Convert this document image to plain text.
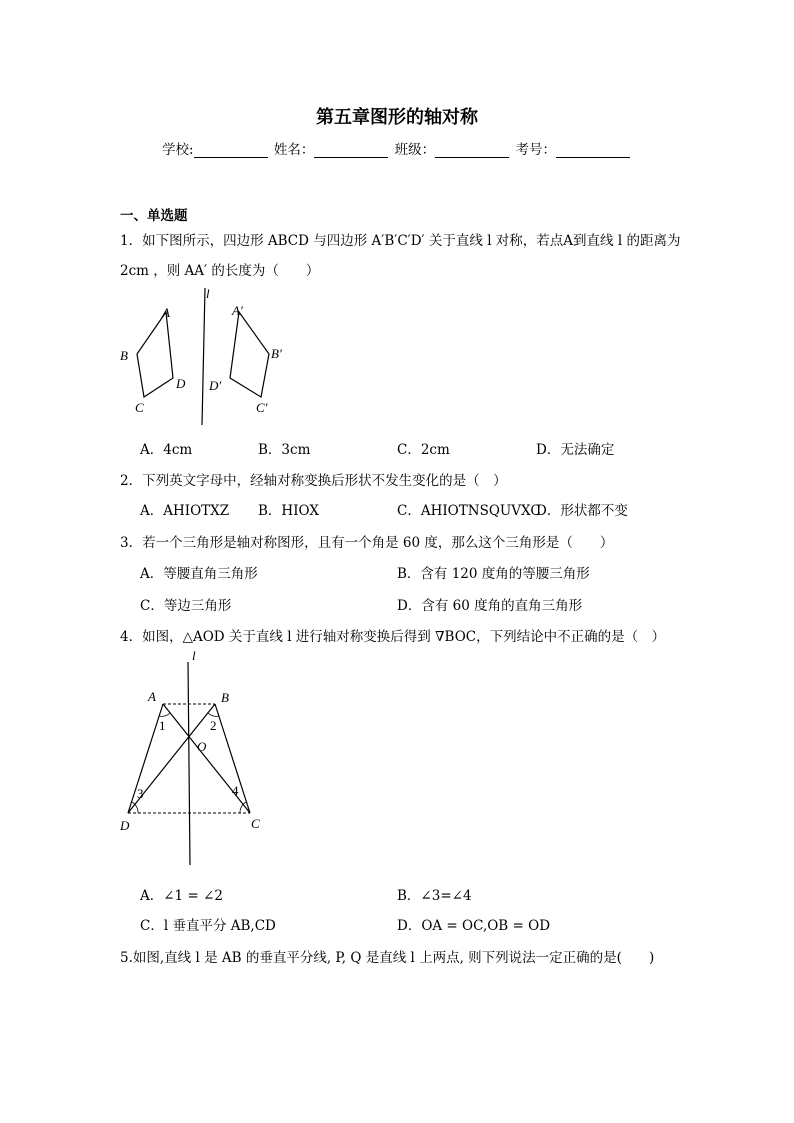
第五章图形的轴对称
学校:	姓名：	班级：	考号：
一、单选题
1．如下图所示，四边形 ABCD 与四边形 A′B′C′D′ 关于直线 l 对称，若点A到直线 l 的距离为
2cm ，则 AA′ 的长度为（　　）
l
A
B
C
D
A′
B′
C′
D′
A．4cm	B．3cm	C．2cm	D．无法确定
2．下列英文字母中，经轴对称变换后形状不发生变化的是（　）
A．AHIOTXZ B．HIOX	C．AHIOTNSQUVXC
D．形状都不变
3．若一个三角形是轴对称图形，且有一个角是 60 度，那么这个三角形是（　　）
A．等腰直角三角形	B．含有 120 度角的等腰三角形
C．等边三角形	D．含有 60 度角的直角三角形
4．如图，△AOD 关于直线 l 进行轴对称变换后得到 ∇BOC，下列结论中不正确的是（　）
l
A	B
C
D
O
1	2
3	4
A．∠1 = ∠2	B．∠3=∠4
C．l 垂直平分 AB,CD	D．OA = OC,OB = OD
5.如图,直线 l 是 AB 的垂直平分线, P, Q 是直线 l 上两点, 则下列说法一定正确的是(　　)
